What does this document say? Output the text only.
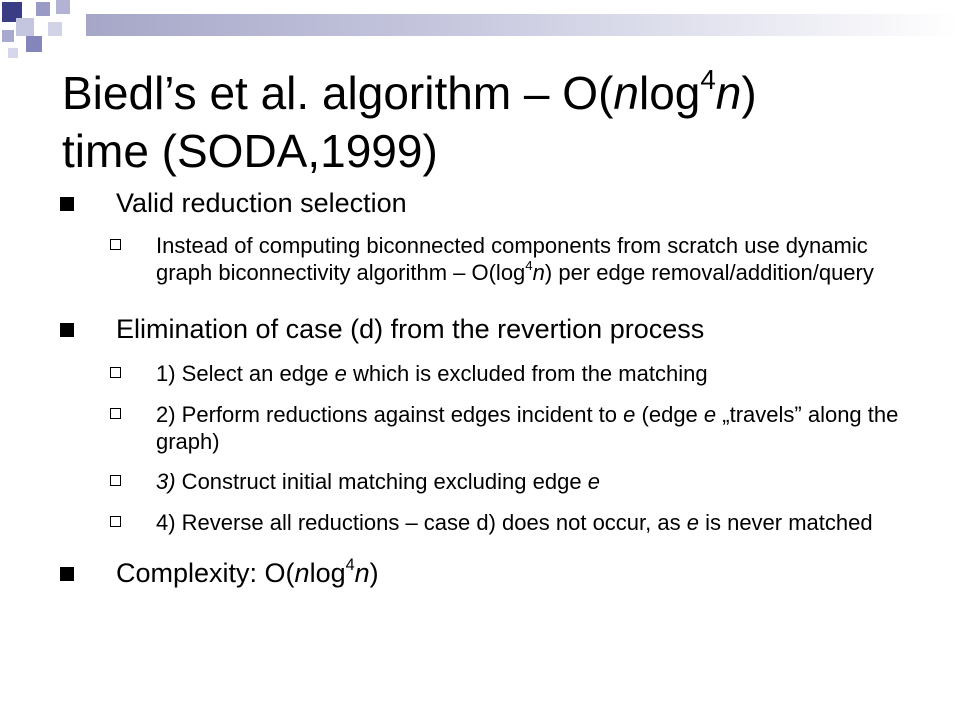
Biedl’s et al. algorithm – O(nlog$^4$n)
time (SODA,1999)
Valid reduction selection
Instead of computing biconnected components from scratch use dynamic graph biconnectivity algorithm – $O(\log^4n)$ per edge removal/addition/query
Elimination of case (d) from the revertion process
1) Select an edge e which is excluded from the matching
2) Perform reductions against edges incident to e (edge e „travels” along the graph)
3) Construct initial matching excluding edge e
4) Reverse all reductions – case d) does not occur, as e is never matched
Complexity: O(nlog$^4$n)
